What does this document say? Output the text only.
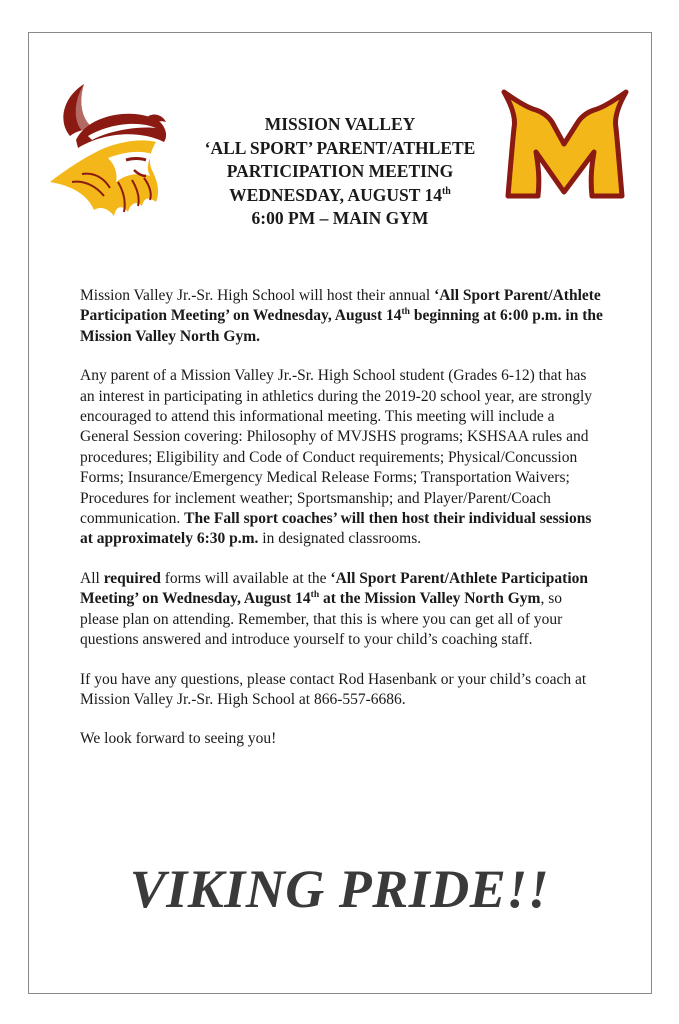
MISSION VALLEY
‘ALL SPORT’ PARENT/ATHLETE
PARTICIPATION MEETING
WEDNESDAY, AUGUST 14th
6:00 PM – MAIN GYM

Mission Valley Jr.-Sr. High School will host their annual ‘All Sport Parent/Athlete Participation Meeting’ on Wednesday, August 14th beginning at 6:00 p.m. in the Mission Valley North Gym.

Any parent of a Mission Valley Jr.-Sr. High School student (Grades 6-12) that has an interest in participating in athletics during the 2019-20 school year, are strongly encouraged to attend this informational meeting. This meeting will include a General Session covering: Philosophy of MVJSHS programs; KSHSAA rules and procedures; Eligibility and Code of Conduct requirements; Physical/Concussion Forms; Insurance/Emergency Medical Release Forms; Transportation Waivers; Procedures for inclement weather; Sportsmanship; and Player/Parent/Coach communication. The Fall sport coaches’ will then host their individual sessions at approximately 6:30 p.m. in designated classrooms.

All required forms will available at the ‘All Sport Parent/Athlete Participation Meeting’ on Wednesday, August 14th at the Mission Valley North Gym, so please plan on attending. Remember, that this is where you can get all of your questions answered and introduce yourself to your child’s coaching staff.

If you have any questions, please contact Rod Hasenbank or your child’s coach at Mission Valley Jr.-Sr. High School at 866-557-6686.

We look forward to seeing you!

VIKING PRIDE!!
